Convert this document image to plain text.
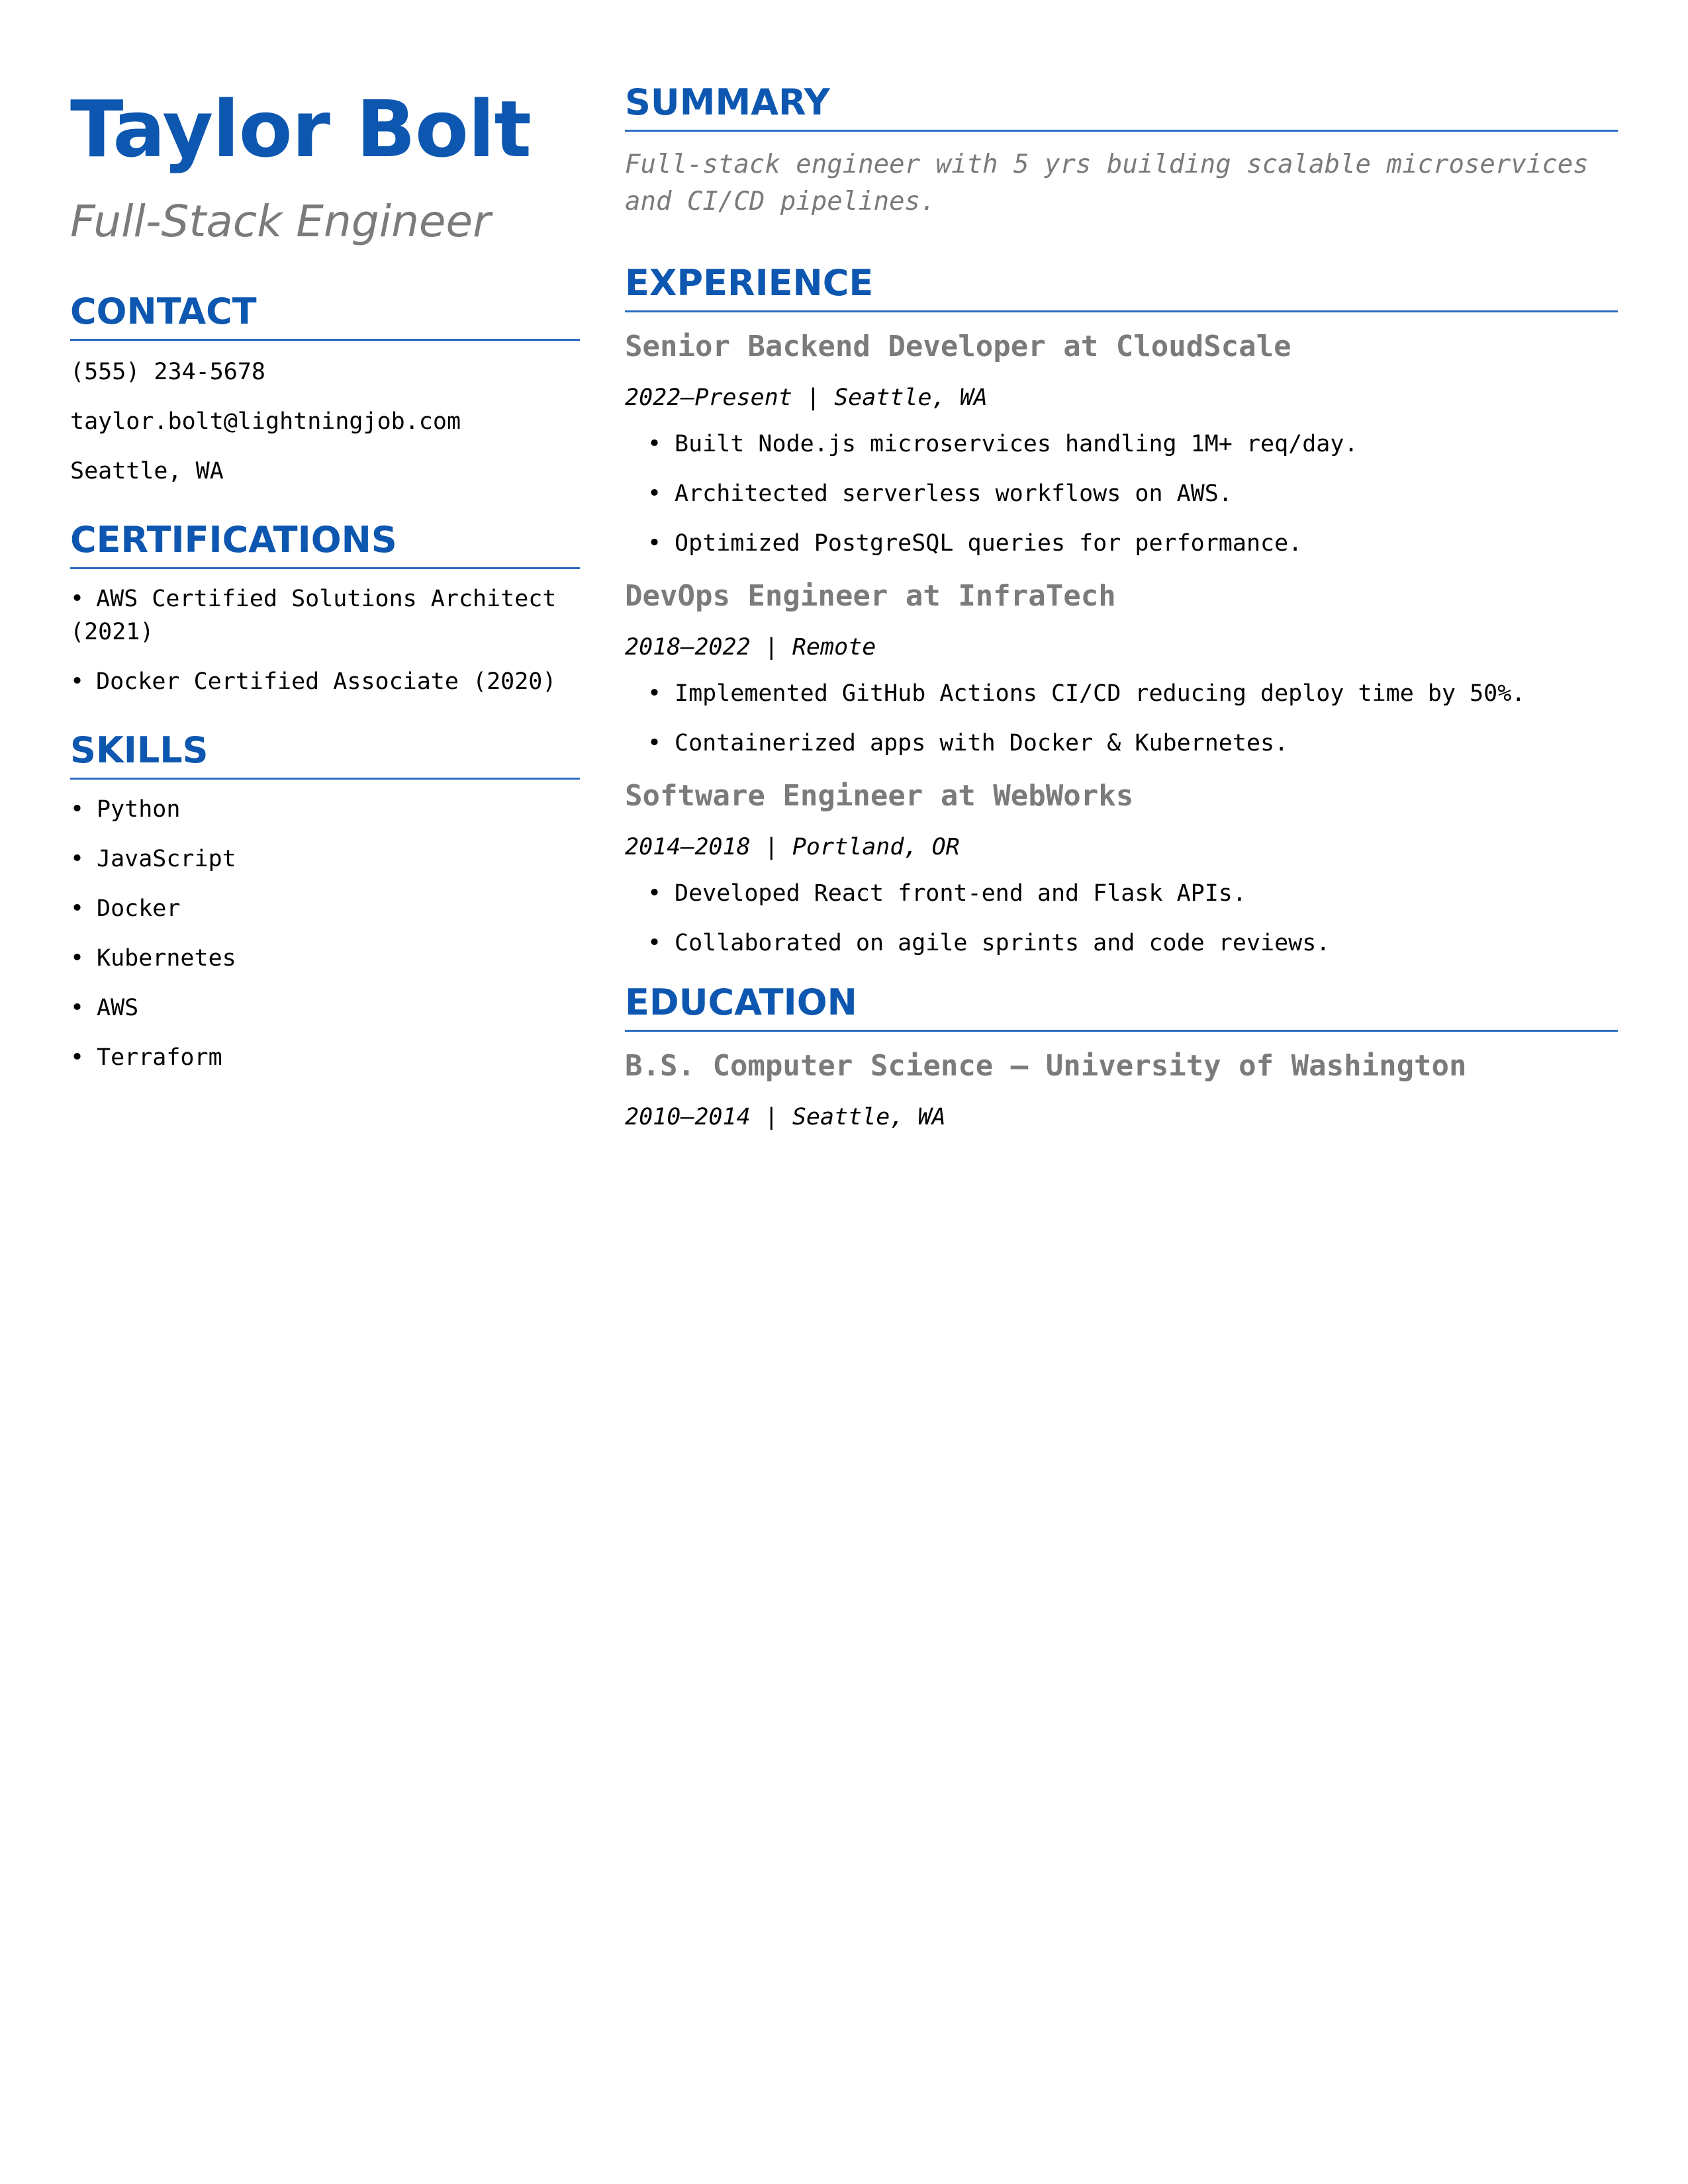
Taylor Bolt
Full-Stack Engineer
CONTACT

(555) 234-5678

taylor.bolt@lightningjob.com

Seattle, WA

CERTIFICATIONS
• AWS Certified Solutions Architect (2021)
• Docker Certified Associate (2020)
SKILLS
• Python
• JavaScript
• Docker
• Kubernetes
• AWS
• Terraform
SUMMARY

Full-stack engineer with 5 yrs building scalable microservices and CI/CD pipelines.

EXPERIENCE

Senior Backend Developer at CloudScale

2022–Present | Seattle, WA

• Built Node.js microservices handling 1M+ req/day.
• Architected serverless workflows on AWS.
• Optimized PostgreSQL queries for performance.

DevOps Engineer at InfraTech

2018–2022 | Remote

• Implemented GitHub Actions CI/CD reducing deploy time by 50%.
• Containerized apps with Docker & Kubernetes.

Software Engineer at WebWorks

2014–2018 | Portland, OR

• Developed React front-end and Flask APIs.
• Collaborated on agile sprints and code reviews.
EDUCATION

B.S. Computer Science – University of Washington

2010–2014 | Seattle, WA
